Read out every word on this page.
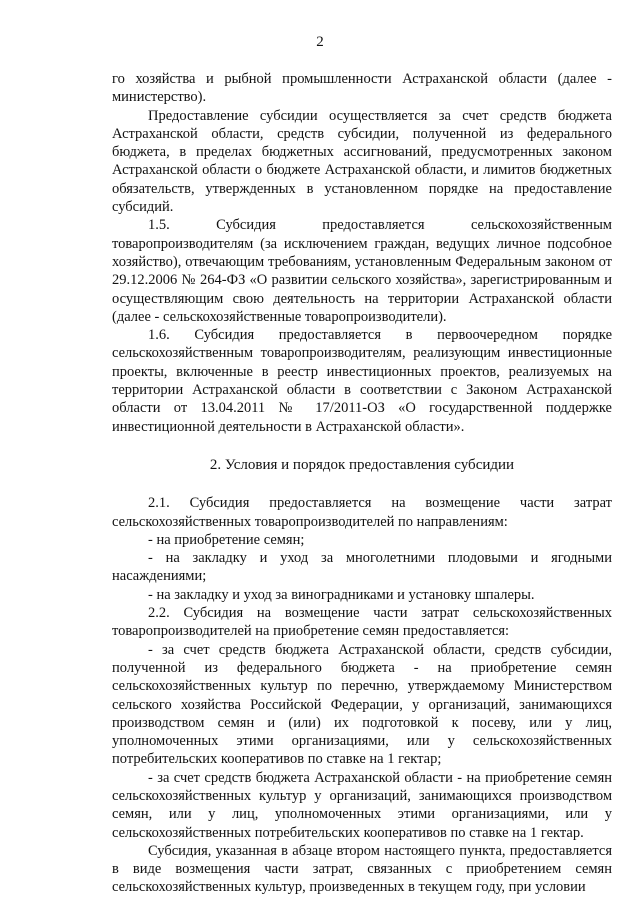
2

го хозяйства и рыбной промышленности Астраханской области (далее - министерство).

Предоставление субсидии осуществляется за счет средств бюджета Астраханской области, средств субсидии, полученной из федерального бюджета, в пределах бюджетных ассигнований, предусмотренных законом Астраханской области о бюджете Астраханской области, и лимитов бюджетных обязательств, утвержденных в установленном порядке на предоставление субсидий.

1.5. Субсидия предоставляется сельскохозяйственным товаропроизводителям (за исключением граждан, ведущих личное подсобное хозяйство), отвечающим требованиям, установленным Федеральным законом от 29.12.2006 № 264-ФЗ «О развитии сельского хозяйства», зарегистрированным и осуществляющим свою деятельность на территории Астраханской области (далее - сельскохозяйственные товаропроизводители).

1.6. Субсидия предоставляется в первоочередном порядке сельскохозяйственным товаропроизводителям, реализующим инвестиционные проекты, включенные в реестр инвестиционных проектов, реализуемых на территории Астраханской области в соответствии с Законом Астраханской области от 13.04.2011 № 17/2011-ОЗ «О государственной поддержке инвестиционной деятельности в Астраханской области».

2. Условия и порядок предоставления субсидии

2.1. Субсидия предоставляется на возмещение части затрат сельскохозяйственных товаропроизводителей по направлениям:

- на приобретение семян;

- на закладку и уход за многолетними плодовыми и ягодными насаждениями;

- на закладку и уход за виноградниками и установку шпалеры.

2.2. Субсидия на возмещение части затрат сельскохозяйственных товаропроизводителей на приобретение семян предоставляется:

- за счет средств бюджета Астраханской области, средств субсидии, полученной из федерального бюджета - на приобретение семян сельскохозяйственных культур по перечню, утверждаемому Министерством сельского хозяйства Российской Федерации, у организаций, занимающихся производством семян и (или) их подготовкой к посеву, или у лиц, уполномоченных этими организациями, или у сельскохозяйственных потребительских кооперативов по ставке на 1 гектар;

- за счет средств бюджета Астраханской области - на приобретение семян сельскохозяйственных культур у организаций, занимающихся производством семян, или у лиц, уполномоченных этими организациями, или у сельскохозяйственных потребительских кооперативов по ставке на 1 гектар.

Субсидия, указанная в абзаце втором настоящего пункта, предоставляется в виде возмещения части затрат, связанных с приобретением семян сельскохозяйственных культур, произведенных в текущем году, при условии
